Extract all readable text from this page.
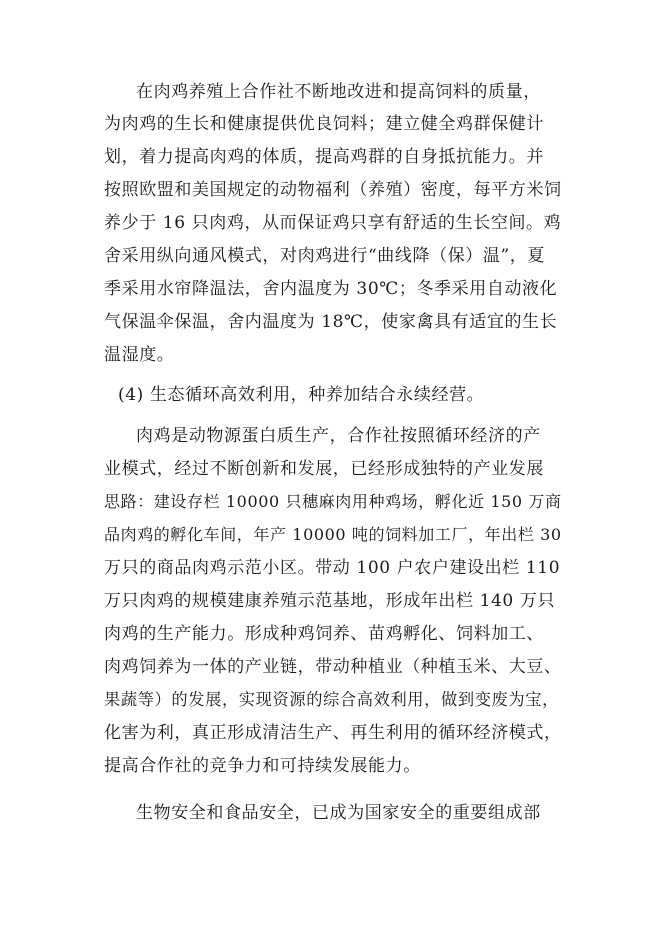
在肉鸡养殖上合作社不断地改进和提高饲料的质量，
为肉鸡的生长和健康提供优良饲料；建立健全鸡群保健计
划，着力提高肉鸡的体质，提高鸡群的自身抵抗能力。并
按照欧盟和美国规定的动物福利（养殖）密度，每平方米饲
养少于 16 只肉鸡，从而保证鸡只享有舒适的生长空间。鸡
舍采用纵向通风模式，对肉鸡进行“曲线降（保）温”，夏
季采用水帘降温法，舍内温度为 30℃；冬季采用自动液化
气保温伞保温，舍内温度为 18℃，使家禽具有适宜的生长
温湿度。
(4) 生态循环高效利用，种养加结合永续经营。
肉鸡是动物源蛋白质生产，合作社按照循环经济的产
业模式，经过不断创新和发展，已经形成独特的产业发展
思路：建设存栏 10000 只穗麻肉用种鸡场，孵化近 150 万商
品肉鸡的孵化车间，年产 10000 吨的饲料加工厂，年出栏 30
万只的商品肉鸡示范小区。带动 100 户农户建设出栏 110
万只肉鸡的规模建康养殖示范基地，形成年出栏 140 万只
肉鸡的生产能力。形成种鸡饲养、苗鸡孵化、饲料加工、
肉鸡饲养为一体的产业链，带动种植业（种植玉米、大豆、
果蔬等）的发展，实现资源的综合高效利用，做到变废为宝，
化害为利，真正形成清洁生产、再生利用的循环经济模式，
提高合作社的竞争力和可持续发展能力。
生物安全和食品安全，已成为国家安全的重要组成部
